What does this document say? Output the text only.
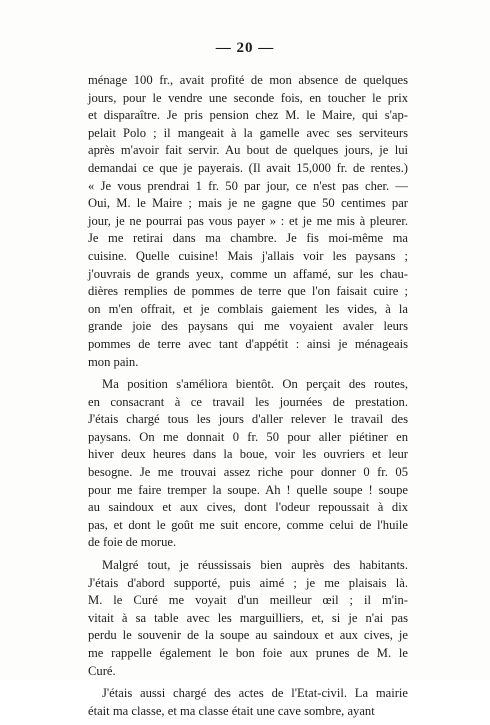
— 20 —
ménage 100 fr., avait profité de mon absence de quelques
jours, pour le vendre une seconde fois, en toucher le prix
et disparaître. Je pris pension chez M. le Maire, qui s'ap-
pelait Polo ; il mangeait à la gamelle avec ses serviteurs
après m'avoir fait servir. Au bout de quelques jours, je lui
demandai ce que je payerais. (Il avait 15,000 fr. de rentes.)
« Je vous prendrai 1 fr. 50 par jour, ce n'est pas cher. —
Oui, M. le Maire ; mais je ne gagne que 50 centimes par
jour, je ne pourrai pas vous payer » : et je me mis à pleurer.
Je me retirai dans ma chambre. Je fis moi-même ma
cuisine. Quelle cuisine! Mais j'allais voir les paysans ;
j'ouvrais de grands yeux, comme un affamé, sur les chau-
dières remplies de pommes de terre que l'on faisait cuire ;
on m'en offrait, et je comblais gaiement les vides, à la
grande joie des paysans qui me voyaient avaler leurs
pommes de terre avec tant d'appétit : ainsi je ménageais
mon pain.
Ma position s'améliora bientôt. On perçait des routes,
en consacrant à ce travail les journées de prestation.
J'étais chargé tous les jours d'aller relever le travail des
paysans. On me donnait 0 fr. 50 pour aller piétiner en
hiver deux heures dans la boue, voir les ouvriers et leur
besogne. Je me trouvai assez riche pour donner 0 fr. 05
pour me faire tremper la soupe. Ah ! quelle soupe ! soupe
au saindoux et aux cives, dont l'odeur repoussait à dix
pas, et dont le goût me suit encore, comme celui de l'huile
de foie de morue.
Malgré tout, je réussissais bien auprès des habitants.
J'étais d'abord supporté, puis aimé ; je me plaisais là.
M. le Curé me voyait d'un meilleur œil ; il m'in-
vitait à sa table avec les marguilliers, et, si je n'ai pas
perdu le souvenir de la soupe au saindoux et aux cives, je
me rappelle également le bon foie aux prunes de M. le
Curé.
J'étais aussi chargé des actes de l'Etat-civil. La mairie
était ma classe, et ma classe était une cave sombre, ayant
